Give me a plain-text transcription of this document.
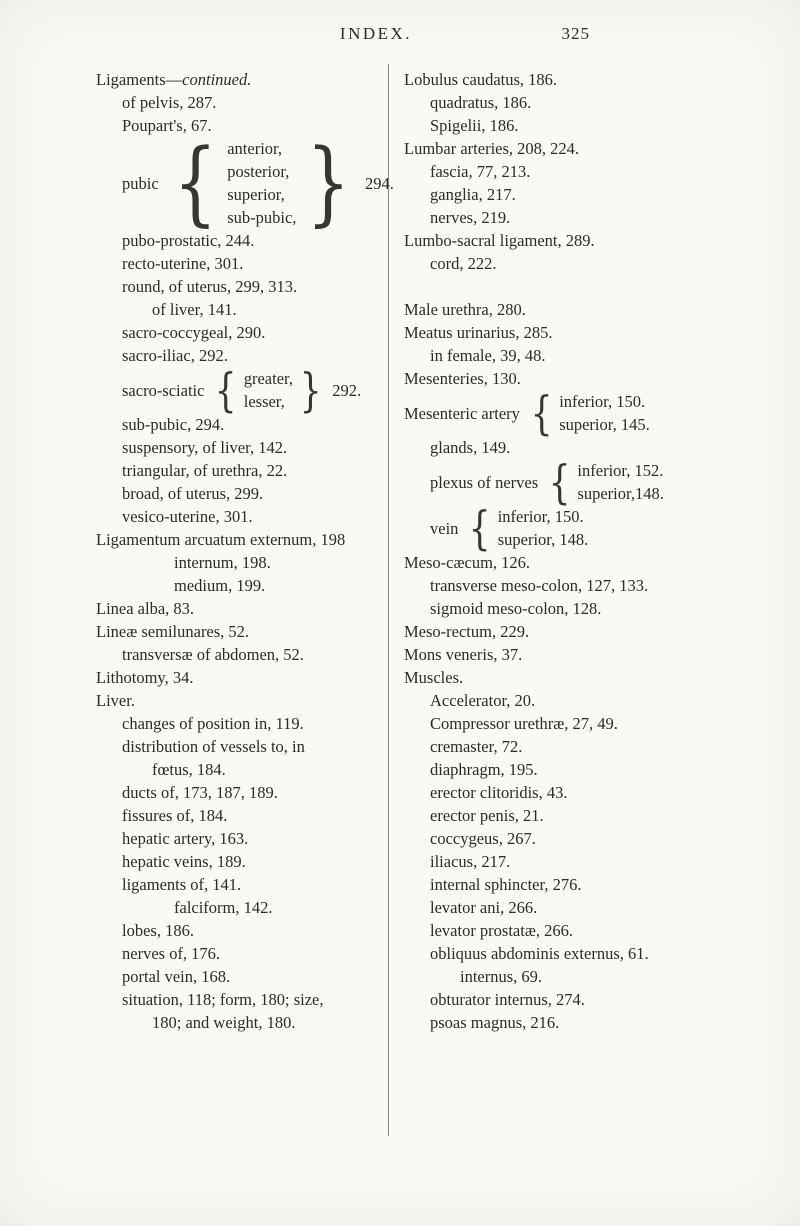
INDEX.	325
Ligaments—continued.
of pelvis, 287.
Poupart's, 67.
pubic { anterior,
posterior,
superior,
sub-pubic, } 294.
pubo-prostatic, 244.
recto-uterine, 301.
round, of uterus, 299, 313.
of liver, 141.
sacro-coccygeal, 290.
sacro-iliac, 292.
sacro-sciatic { greater,
lesser, } 292.
sub-pubic, 294.
suspensory, of liver, 142.
triangular, of urethra, 22.
broad, of uterus, 299.
vesico-uterine, 301.
Ligamentum arcuatum externum, 198
internum, 198.
medium, 199.
Linea alba, 83.
Lineæ semilunares, 52.
transversæ of abdomen, 52.
Lithotomy, 34.
Liver.
changes of position in, 119.
distribution of vessels to, in
fœtus, 184.
ducts of, 173, 187, 189.
fissures of, 184.
hepatic artery, 163.
hepatic veins, 189.
ligaments of, 141.
falciform, 142.
lobes, 186.
nerves of, 176.
portal vein, 168.
situation, 118; form, 180; size,
180; and weight, 180.
Lobulus caudatus, 186.
quadratus, 186.
Spigelii, 186.
Lumbar arteries, 208, 224.
fascia, 77, 213.
ganglia, 217.
nerves, 219.
Lumbo-sacral ligament, 289.
cord, 222.
Male urethra, 280.
Meatus urinarius, 285.
in female, 39, 48.
Mesenteries, 130.
Mesenteric artery { inferior, 150.
superior, 145.
glands, 149.
plexus of nerves { inferior, 152.
superior,148.
vein { inferior, 150.
superior, 148.
Meso-cæcum, 126.
transverse meso-colon, 127, 133.
sigmoid meso-colon, 128.
Meso-rectum, 229.
Mons veneris, 37.
Muscles.
Accelerator, 20.
Compressor urethræ, 27, 49.
cremaster, 72.
diaphragm, 195.
erector clitoridis, 43.
erector penis, 21.
coccygeus, 267.
iliacus, 217.
internal sphincter, 276.
levator ani, 266.
levator prostatæ, 266.
obliquus abdominis externus, 61.
internus, 69.
obturator internus, 274.
psoas magnus, 216.
